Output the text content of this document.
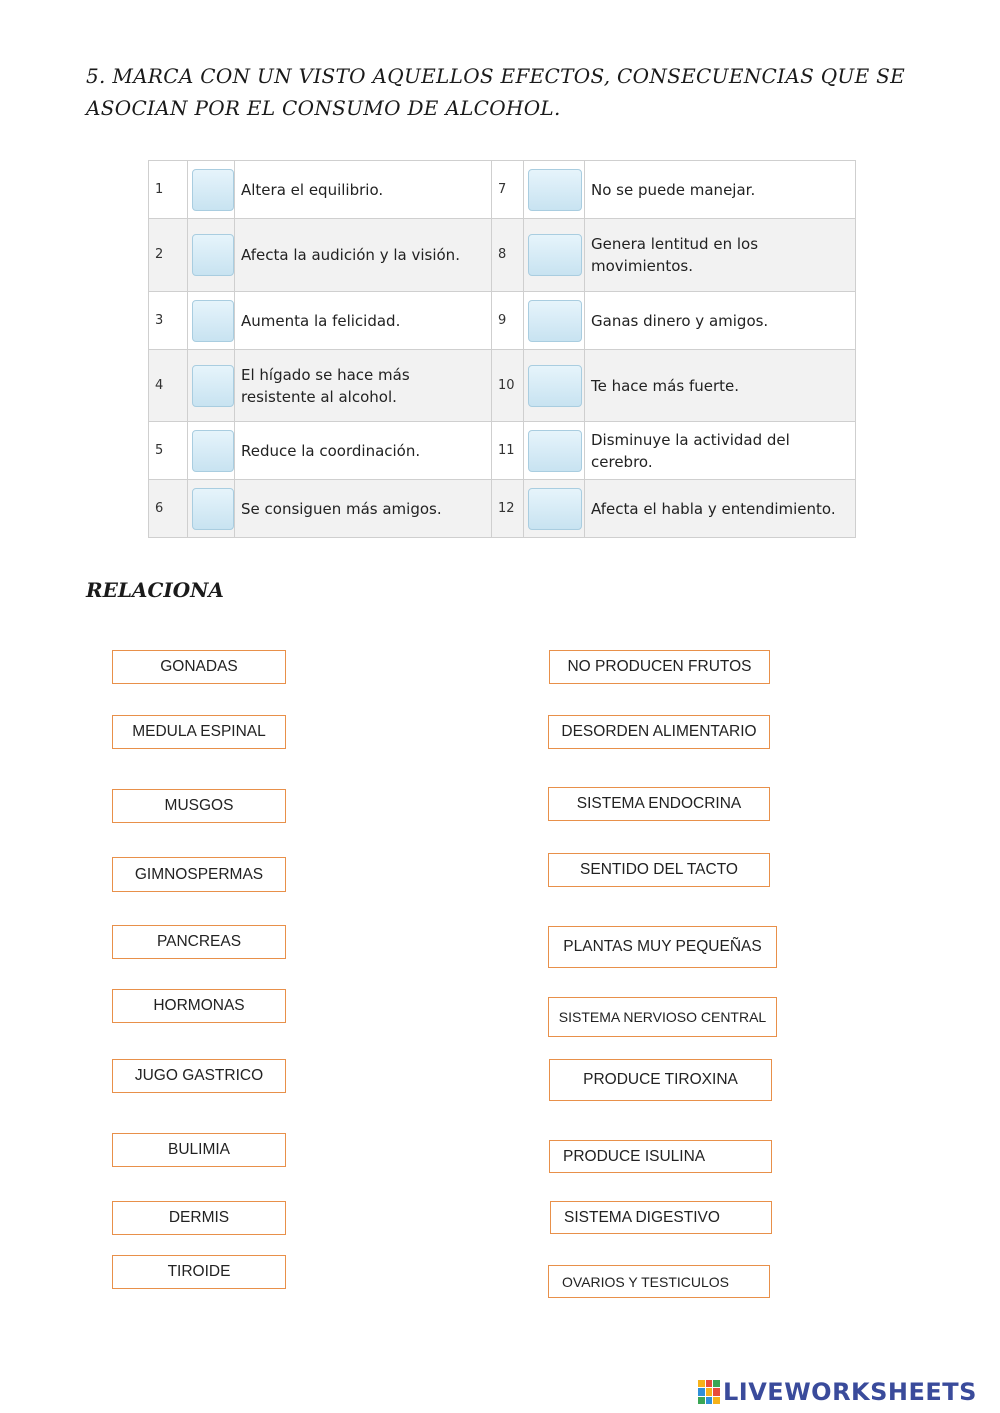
5. MARCA CON UN VISTO AQUELLOS EFECTOS, CONSECUENCIAS QUE SE
ASOCIAN POR EL CONSUMO DE ALCOHOL.
1		Altera el equilibrio.	7		No se puede manejar.
2		Afecta la audición y la visión.	8		Genera lentitud en los movimientos.
3		Aumenta la felicidad.	9		Ganas dinero y amigos.
4		El hígado se hace más resistente al alcohol.	10		Te hace más fuerte.
5		Reduce la coordinación.	11		Disminuye la actividad del cerebro.
6		Se consiguen más amigos.	12		Afecta el habla y entendimiento.
RELACIONA
GONADAS
MEDULA ESPINAL
MUSGOS
GIMNOSPERMAS
PANCREAS
HORMONAS
JUGO GASTRICO
BULIMIA
DERMIS
TIROIDE
NO PRODUCEN FRUTOS
DESORDEN ALIMENTARIO
SISTEMA ENDOCRINA
SENTIDO DEL TACTO
PLANTAS MUY PEQUEÑAS
SISTEMA NERVIOSO CENTRAL
PRODUCE TIROXINA
PRODUCE ISULINA
SISTEMA DIGESTIVO
OVARIOS Y TESTICULOS
LIVEWORKSHEETS
